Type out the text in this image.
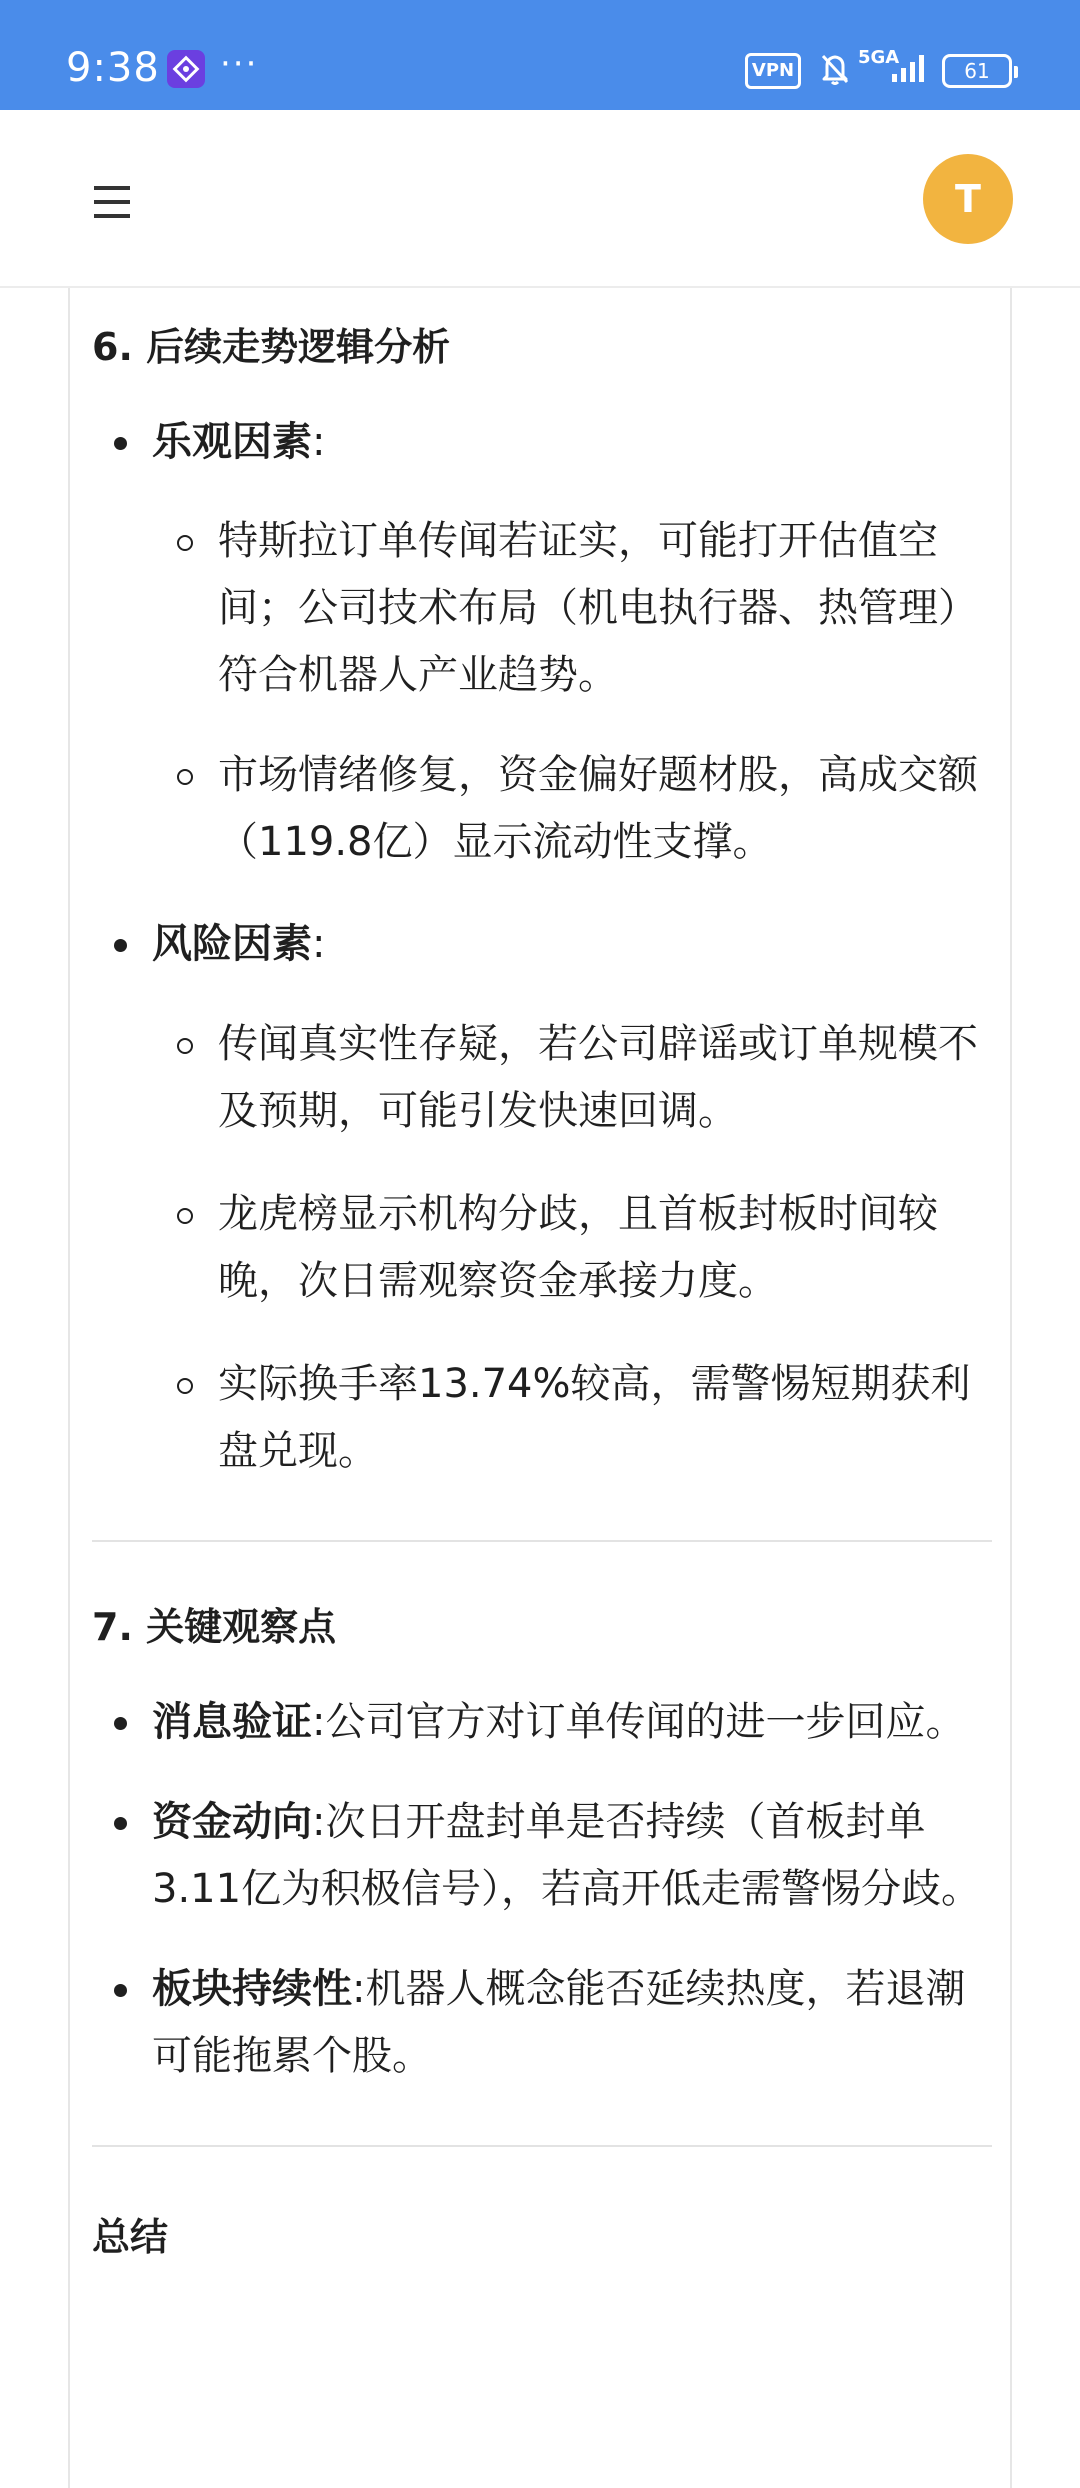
9:38 ···	VPN
5GA
61
T
6. 后续走势逻辑分析
乐观因素:
特斯拉订单传闻若证实，可能打开估值空间；公司技术布局（机电执行器、热管理）符合机器人产业趋势。
市场情绪修复，资金偏好题材股，高成交额（119.8亿）显示流动性支撑。
风险因素:
传闻真实性存疑，若公司辟谣或订单规模不及预期，可能引发快速回调。
龙虎榜显示机构分歧，且首板封板时间较晚，次日需观察资金承接力度。
实际换手率13.74%较高，需警惕短期获利盘兑现。
7. 关键观察点
消息验证:公司官方对订单传闻的进一步回应。
资金动向:次日开盘封单是否持续（首板封单3.11亿为积极信号），若高开低走需警惕分歧。
板块持续性:机器人概念能否延续热度，若退潮可能拖累个股。
总结
